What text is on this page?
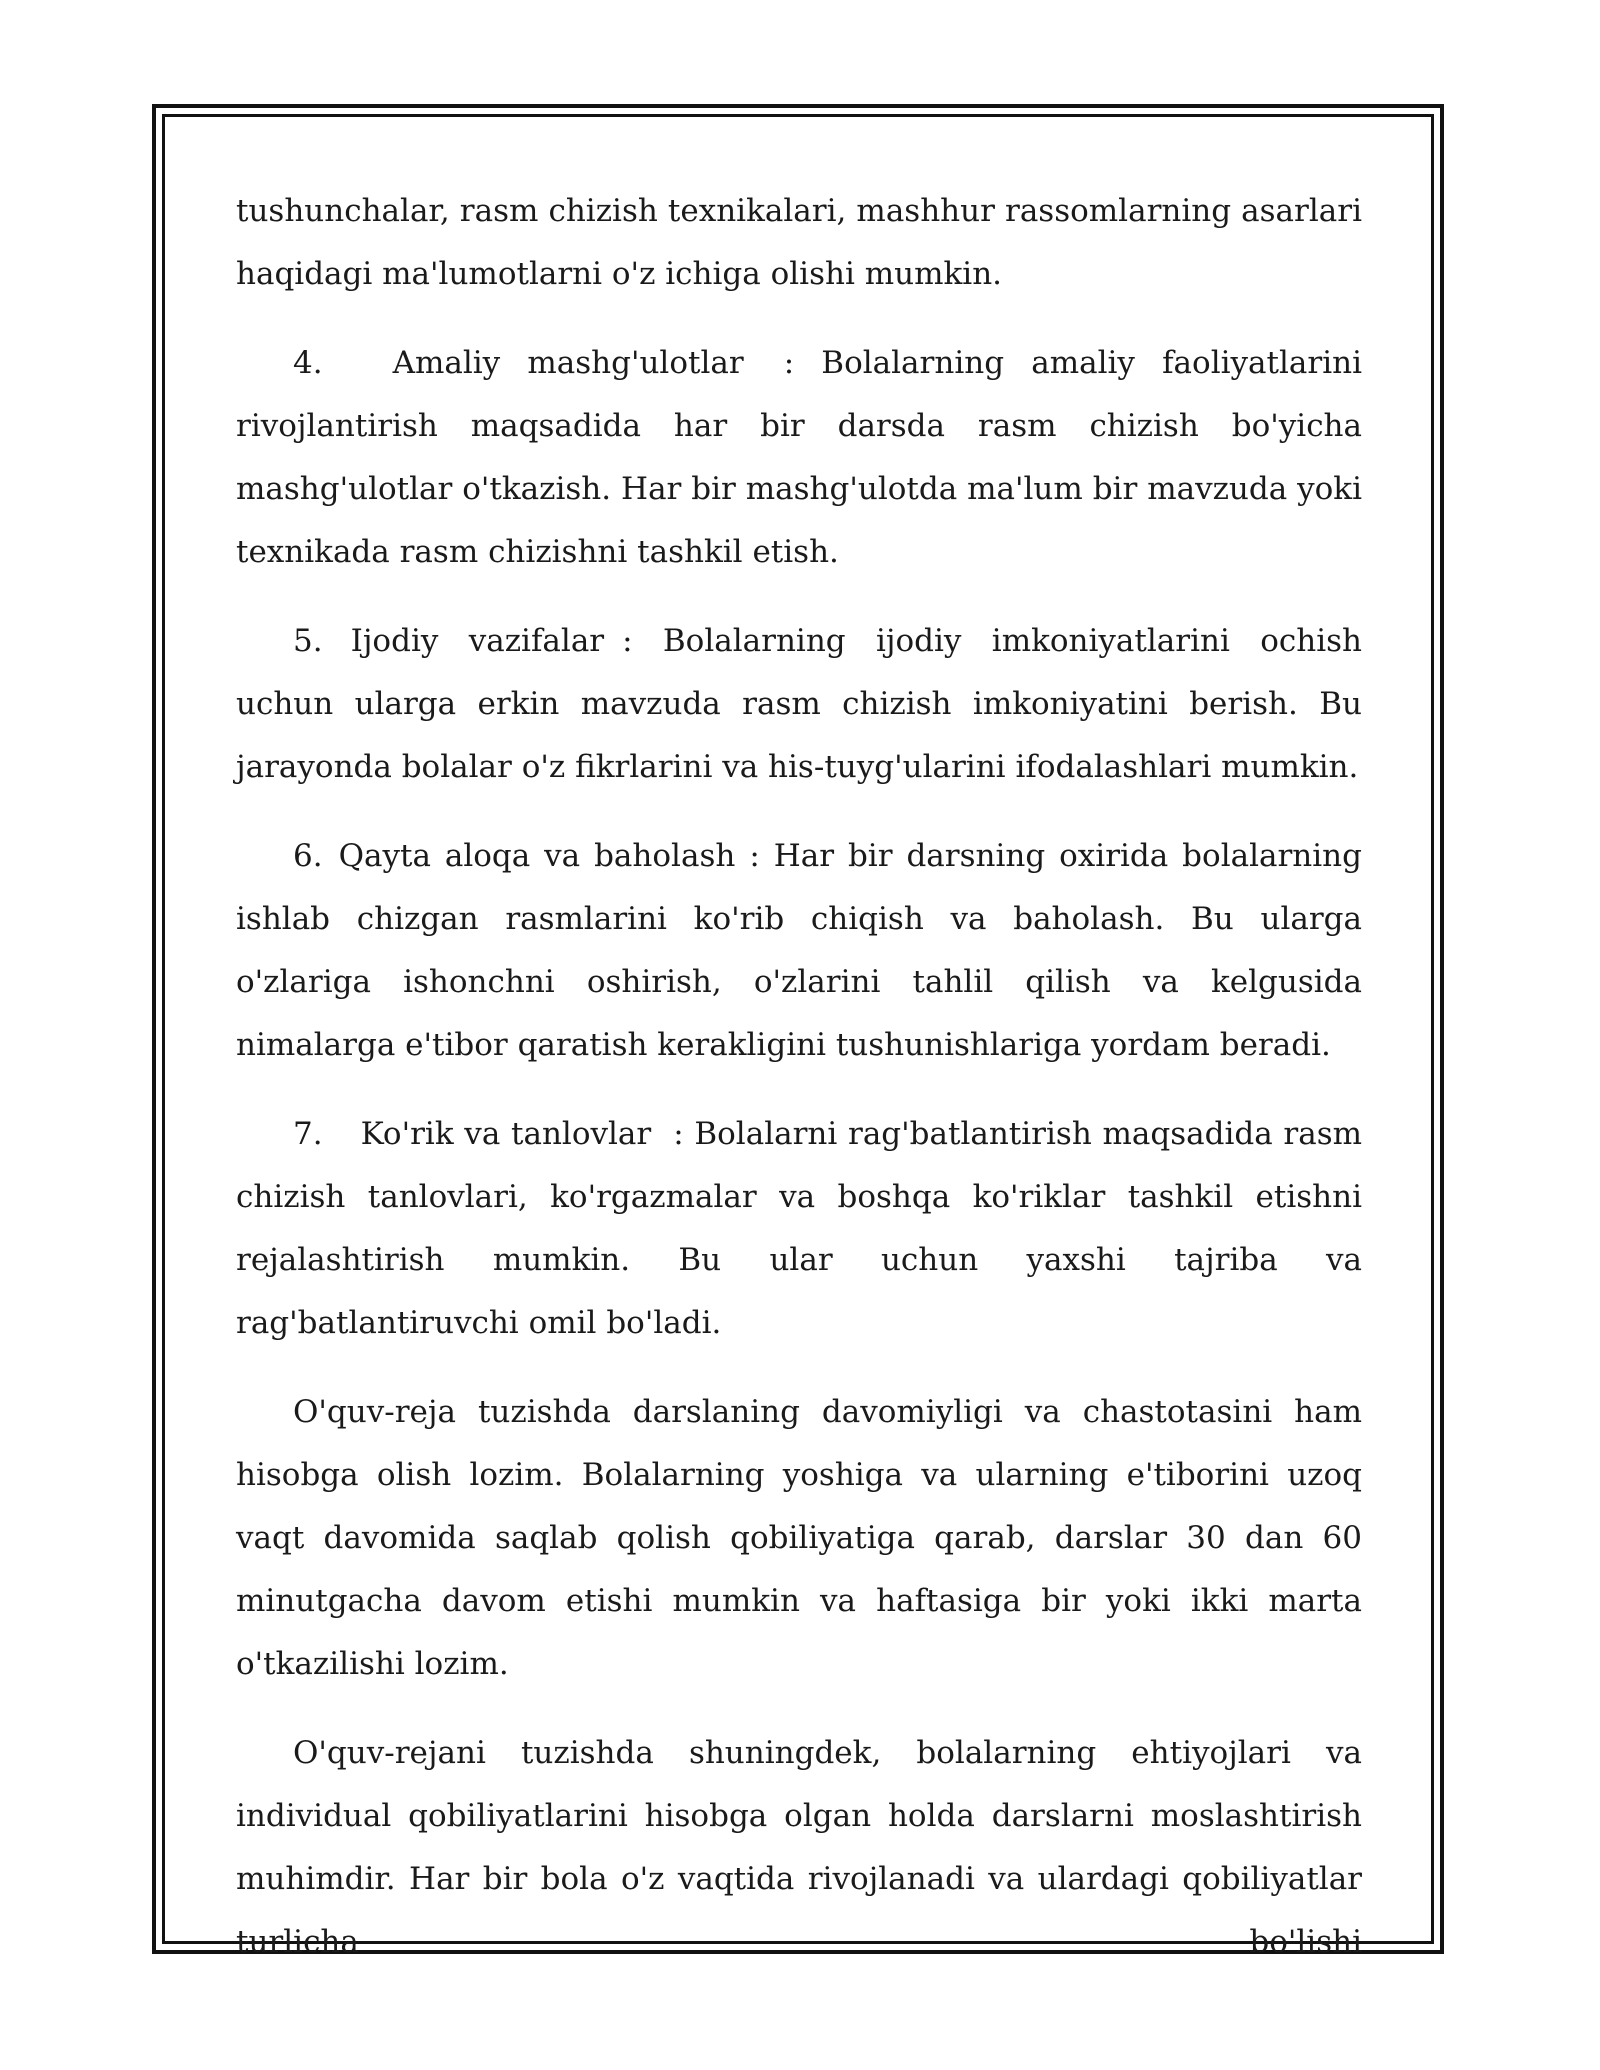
tushunchalar, rasm chizish texnikalari, mashhur rassomlarning asarlari haqidagi ma'lumotlarni o'z ichiga olishi mumkin.

4. Amaliy mashg'ulotlar : Bolalarning amaliy faoliyatlarini rivojlantirish maqsadida har bir darsda rasm chizish bo'yicha mashg'ulotlar o'tkazish. Har bir mashg'ulotda ma'lum bir mavzuda yoki texnikada rasm chizishni tashkil etish.

5. Ijodiy vazifalar : Bolalarning ijodiy imkoniyatlarini ochish uchun ularga erkin mavzuda rasm chizish imkoniyatini berish. Bu jarayonda bolalar o'z fikrlarini va his-tuyg'ularini ifodalashlari mumkin.

6. Qayta aloqa va baholash : Har bir darsning oxirida bolalarning ishlab chizgan rasmlarini ko'rib chiqish va baholash. Bu ularga o'zlariga ishonchni oshirish, o'zlarini tahlil qilish va kelgusida nimalarga e'tibor qaratish kerakligini tushunishlariga yordam beradi.

7. Ko'rik va tanlovlar : Bolalarni rag'batlantirish maqsadida rasm chizish tanlovlari, ko'rgazmalar va boshqa ko'riklar tashkil etishni rejalashtirish mumkin. Bu ular uchun yaxshi tajriba va rag'batlantiruvchi omil bo'ladi.

O'quv-reja tuzishda darslaning davomiyligi va chastotasini ham hisobga olish lozim. Bolalarning yoshiga va ularning e'tiborini uzoq vaqt davomida saqlab qolish qobiliyatiga qarab, darslar 30 dan 60 minutgacha davom etishi mumkin va haftasiga bir yoki ikki marta o'tkazilishi lozim.

O'quv-rejani tuzishda shuningdek, bolalarning ehtiyojlari va individual qobiliyatlarini hisobga olgan holda darslarni moslashtirish muhimdir. Har bir bola o'z vaqtida rivojlanadi va ulardagi qobiliyatlar turlicha bo'lishi
